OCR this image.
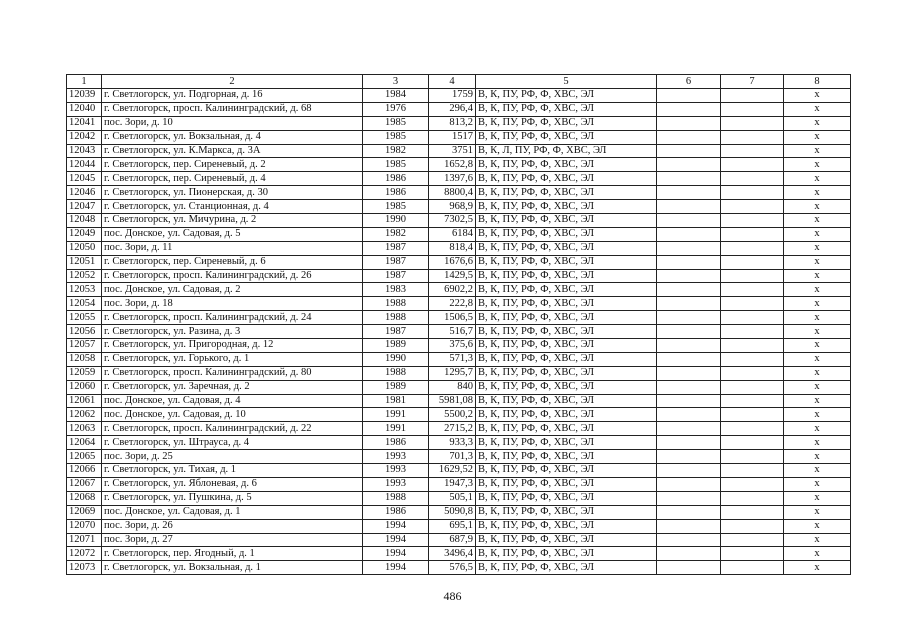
1	2	3	4	5	6	7	8
12039	г. Светлогорск, ул. Подгорная, д. 16	1984	1759	В, К, ПУ, РФ, Ф, ХВС, ЭЛ			х
12040	г. Светлогорск, просп. Калининградский, д. 68	1976	296,4	В, К, ПУ, РФ, Ф, ХВС, ЭЛ			х
12041	пос. Зори, д. 10	1985	813,2	В, К, ПУ, РФ, Ф, ХВС, ЭЛ			х
12042	г. Светлогорск, ул. Вокзальная, д. 4	1985	1517	В, К, ПУ, РФ, Ф, ХВС, ЭЛ			х
12043	г. Светлогорск, ул. К.Маркса, д. 3А	1982	3751	В, К, Л, ПУ, РФ, Ф, ХВС, ЭЛ			х
12044	г. Светлогорск, пер. Сиреневый, д. 2	1985	1652,8	В, К, ПУ, РФ, Ф, ХВС, ЭЛ			х
12045	г. Светлогорск, пер. Сиреневый, д. 4	1986	1397,6	В, К, ПУ, РФ, Ф, ХВС, ЭЛ			х
12046	г. Светлогорск, ул. Пионерская, д. 30	1986	8800,4	В, К, ПУ, РФ, Ф, ХВС, ЭЛ			х
12047	г. Светлогорск, ул. Станционная, д. 4	1985	968,9	В, К, ПУ, РФ, Ф, ХВС, ЭЛ			х
12048	г. Светлогорск, ул. Мичурина, д. 2	1990	7302,5	В, К, ПУ, РФ, Ф, ХВС, ЭЛ			х
12049	пос. Донское, ул. Садовая, д. 5	1982	6184	В, К, ПУ, РФ, Ф, ХВС, ЭЛ			х
12050	пос. Зори, д. 11	1987	818,4	В, К, ПУ, РФ, Ф, ХВС, ЭЛ			х
12051	г. Светлогорск, пер. Сиреневый, д. 6	1987	1676,6	В, К, ПУ, РФ, Ф, ХВС, ЭЛ			х
12052	г. Светлогорск, просп. Калининградский, д. 26	1987	1429,5	В, К, ПУ, РФ, Ф, ХВС, ЭЛ			х
12053	пос. Донское, ул. Садовая, д. 2	1983	6902,2	В, К, ПУ, РФ, Ф, ХВС, ЭЛ			х
12054	пос. Зори, д. 18	1988	222,8	В, К, ПУ, РФ, Ф, ХВС, ЭЛ			х
12055	г. Светлогорск, просп. Калининградский, д. 24	1988	1506,5	В, К, ПУ, РФ, Ф, ХВС, ЭЛ			х
12056	г. Светлогорск, ул. Разина, д. 3	1987	516,7	В, К, ПУ, РФ, Ф, ХВС, ЭЛ			х
12057	г. Светлогорск, ул. Пригородная, д. 12	1989	375,6	В, К, ПУ, РФ, Ф, ХВС, ЭЛ			х
12058	г. Светлогорск, ул. Горького, д. 1	1990	571,3	В, К, ПУ, РФ, Ф, ХВС, ЭЛ			х
12059	г. Светлогорск, просп. Калининградский, д. 80	1988	1295,7	В, К, ПУ, РФ, Ф, ХВС, ЭЛ			х
12060	г. Светлогорск, ул. Заречная, д. 2	1989	840	В, К, ПУ, РФ, Ф, ХВС, ЭЛ			х
12061	пос. Донское, ул. Садовая, д. 4	1981	5981,08	В, К, ПУ, РФ, Ф, ХВС, ЭЛ			х
12062	пос. Донское, ул. Садовая, д. 10	1991	5500,2	В, К, ПУ, РФ, Ф, ХВС, ЭЛ			х
12063	г. Светлогорск, просп. Калининградский, д. 22	1991	2715,2	В, К, ПУ, РФ, Ф, ХВС, ЭЛ			х
12064	г. Светлогорск, ул. Штрауса, д. 4	1986	933,3	В, К, ПУ, РФ, Ф, ХВС, ЭЛ			х
12065	пос. Зори, д. 25	1993	701,3	В, К, ПУ, РФ, Ф, ХВС, ЭЛ			х
12066	г. Светлогорск, ул. Тихая, д. 1	1993	1629,52	В, К, ПУ, РФ, Ф, ХВС, ЭЛ			х
12067	г. Светлогорск, ул. Яблоневая, д. 6	1993	1947,3	В, К, ПУ, РФ, Ф, ХВС, ЭЛ			х
12068	г. Светлогорск, ул. Пушкина, д. 5	1988	505,1	В, К, ПУ, РФ, Ф, ХВС, ЭЛ			х
12069	пос. Донское, ул. Садовая, д. 1	1986	5090,8	В, К, ПУ, РФ, Ф, ХВС, ЭЛ			х
12070	пос. Зори, д. 26	1994	695,1	В, К, ПУ, РФ, Ф, ХВС, ЭЛ			х
12071	пос. Зори, д. 27	1994	687,9	В, К, ПУ, РФ, Ф, ХВС, ЭЛ			х
12072	г. Светлогорск, пер. Ягодный, д. 1	1994	3496,4	В, К, ПУ, РФ, Ф, ХВС, ЭЛ			х
12073	г. Светлогорск, ул. Вокзальная, д. 1	1994	576,5	В, К, ПУ, РФ, Ф, ХВС, ЭЛ			х
486
